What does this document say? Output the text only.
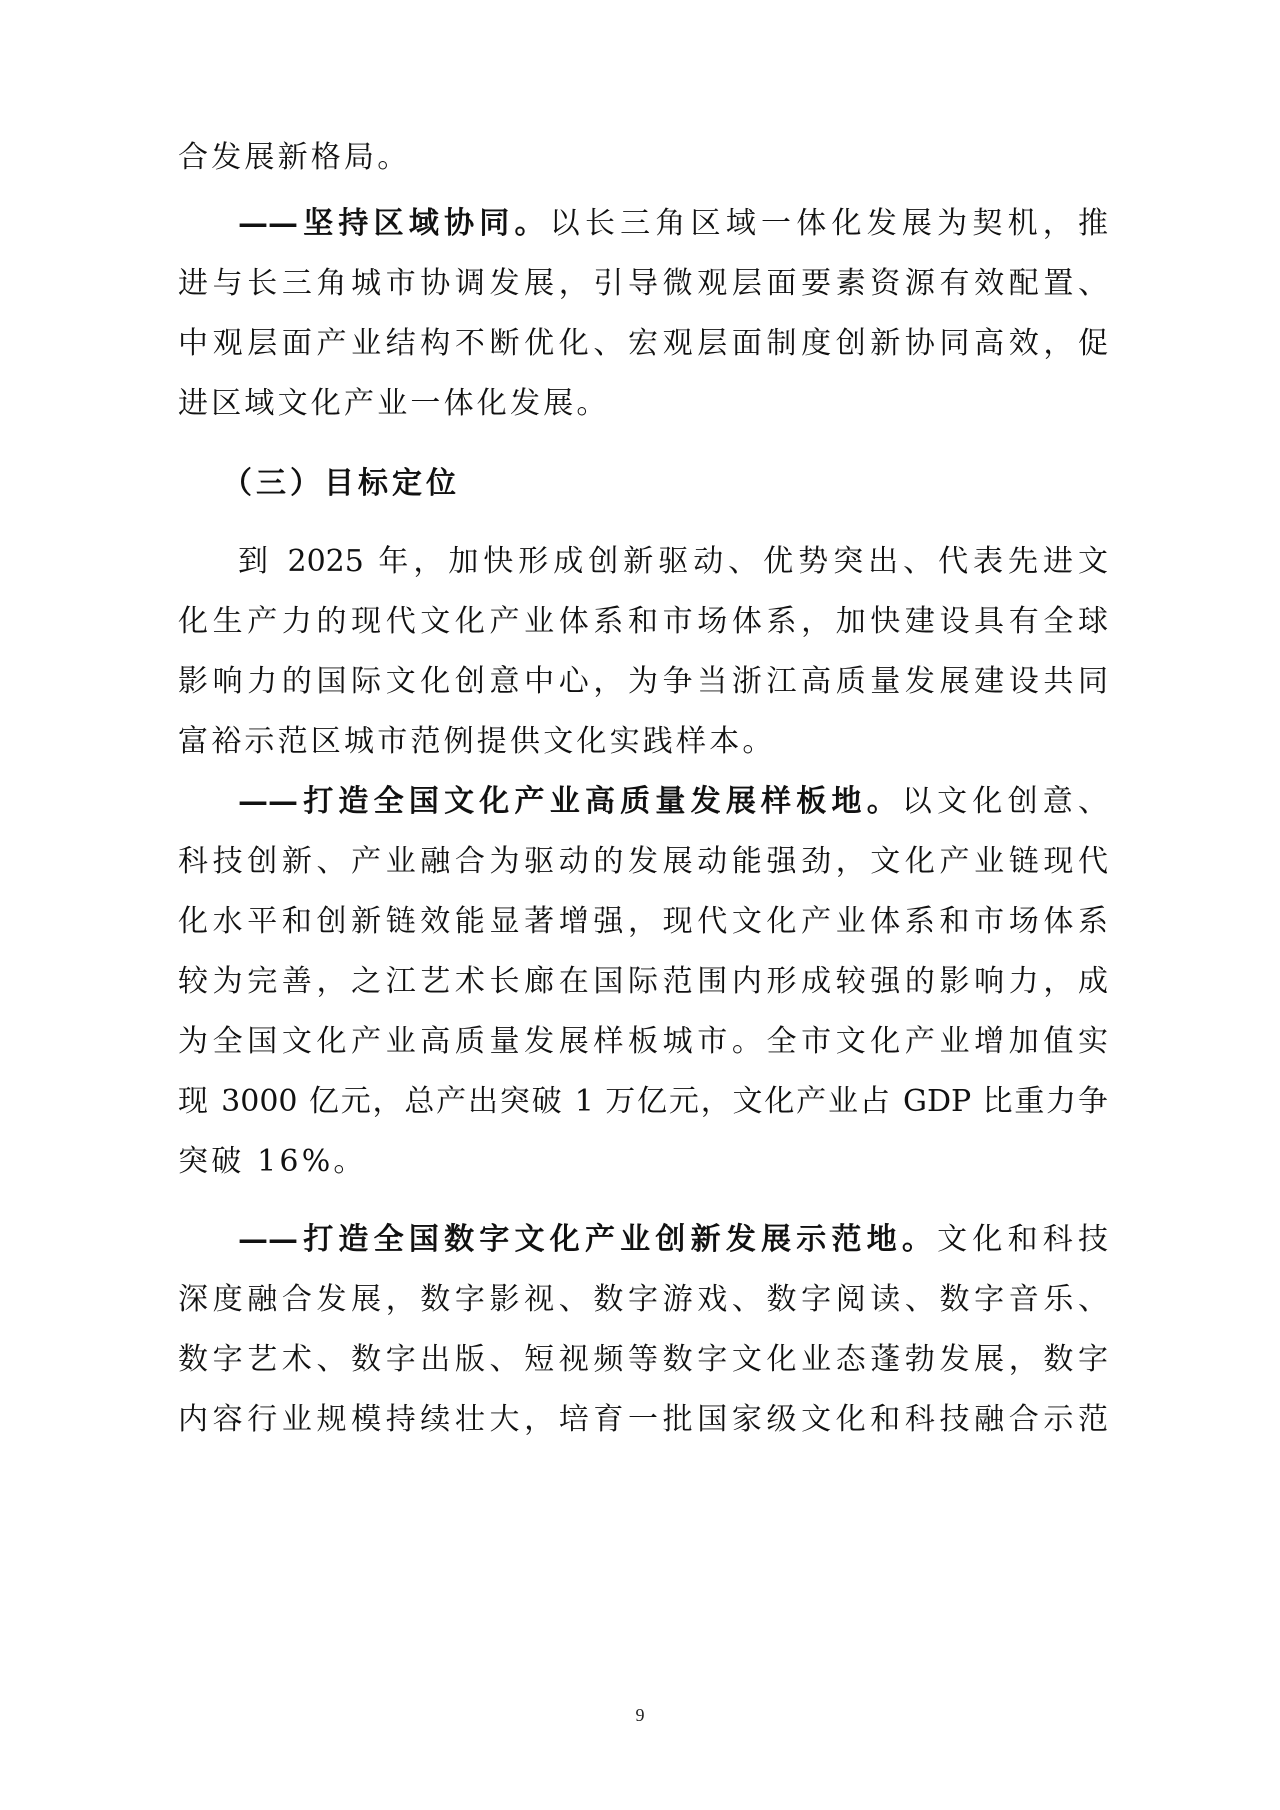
合发展新格局。
——坚持区域协同。以长三角区域一体化发展为契机，推
进与长三角城市协调发展，引导微观层面要素资源有效配置、
中观层面产业结构不断优化、宏观层面制度创新协同高效，促
进区域文化产业一体化发展。
（三）目标定位
到 2025 年，加快形成创新驱动、优势突出、代表先进文
化生产力的现代文化产业体系和市场体系，加快建设具有全球
影响力的国际文化创意中心，为争当浙江高质量发展建设共同
富裕示范区城市范例提供文化实践样本。
——打造全国文化产业高质量发展样板地。以文化创意、
科技创新、产业融合为驱动的发展动能强劲，文化产业链现代
化水平和创新链效能显著增强，现代文化产业体系和市场体系
较为完善，之江艺术长廊在国际范围内形成较强的影响力，成
为全国文化产业高质量发展样板城市。全市文化产业增加值实
现 3000 亿元，总产出突破 1 万亿元，文化产业占 GDP 比重力争
突破 16%。
——打造全国数字文化产业创新发展示范地。文化和科技
深度融合发展，数字影视、数字游戏、数字阅读、数字音乐、
数字艺术、数字出版、短视频等数字文化业态蓬勃发展，数字
内容行业规模持续壮大，培育一批国家级文化和科技融合示范
9
